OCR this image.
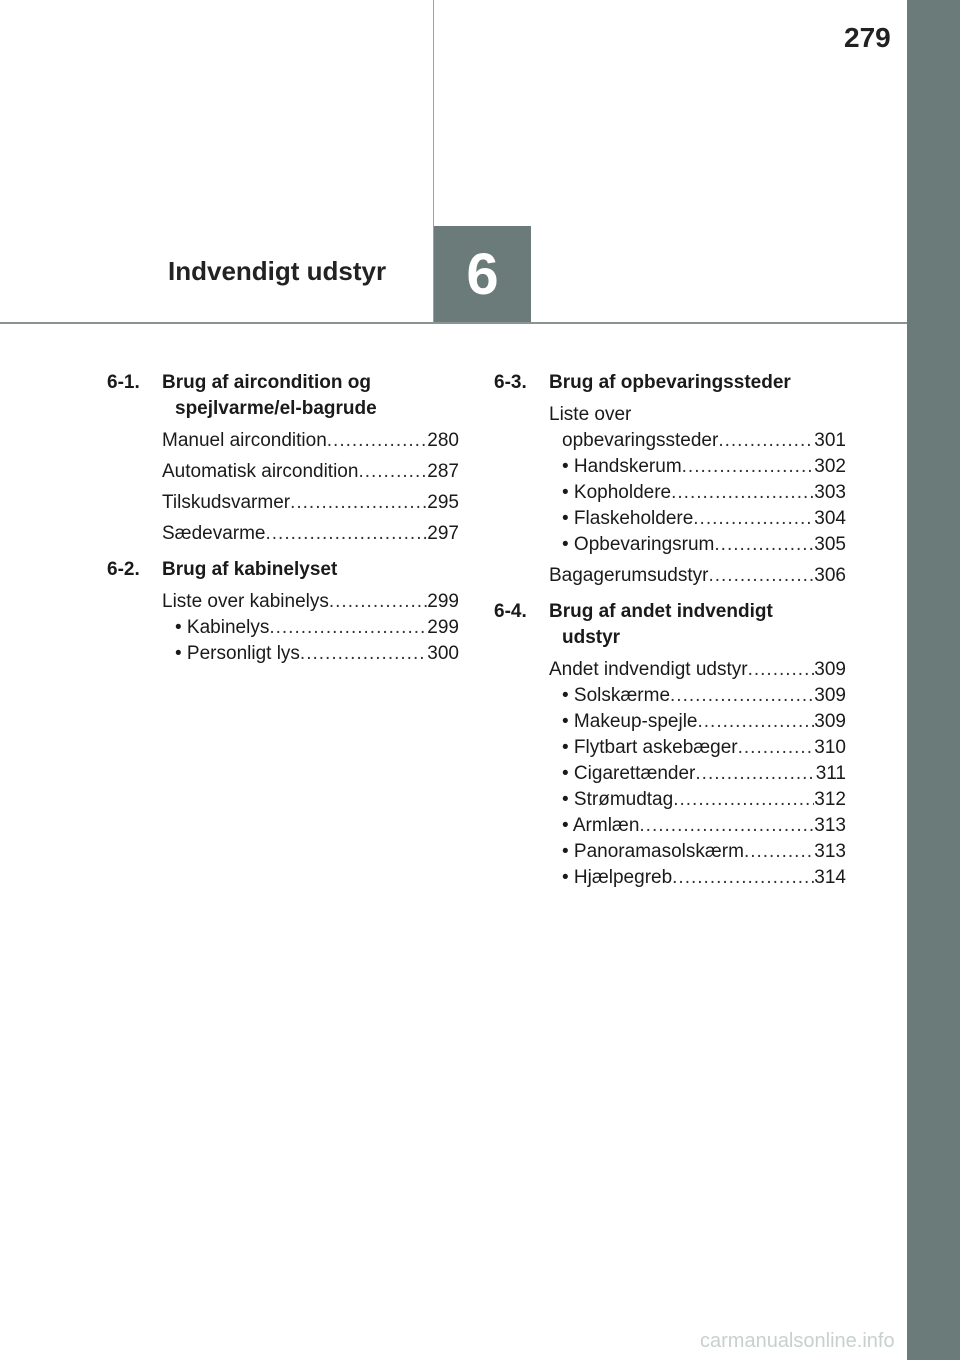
279
Indvendigt udstyr 6
6-1.	Brug af aircondition og
spejlvarme/el-bagrude
Manuel aircondition .....	280
Automatisk aircondition .....	287
Tilskudsvarmer .....	295
Sædevarme .....	297
6-2.	Brug af kabinelyset
Liste over kabinelys .....	299
• Kabinelys .....	299
• Personligt lys .....	300
6-3.	Brug af opbevaringssteder
Liste over
opbevaringssteder .....	301
• Handskerum .....	302
• Kopholdere .....	303
• Flaskeholdere .....	304
• Opbevaringsrum .....	305
Bagagerumsudstyr .....	306
6-4.	Brug af andet indvendigt
udstyr
Andet indvendigt udstyr .....	309
• Solskærme .....	309
• Makeup-spejle .....	309
• Flytbart askebæger .....	310
• Cigarettænder .....	311
• Strømudtag .....	312
• Armlæn .....	313
• Panoramasolskærm .....	313
• Hjælpegreb .....	314
carmanualsonline.info
